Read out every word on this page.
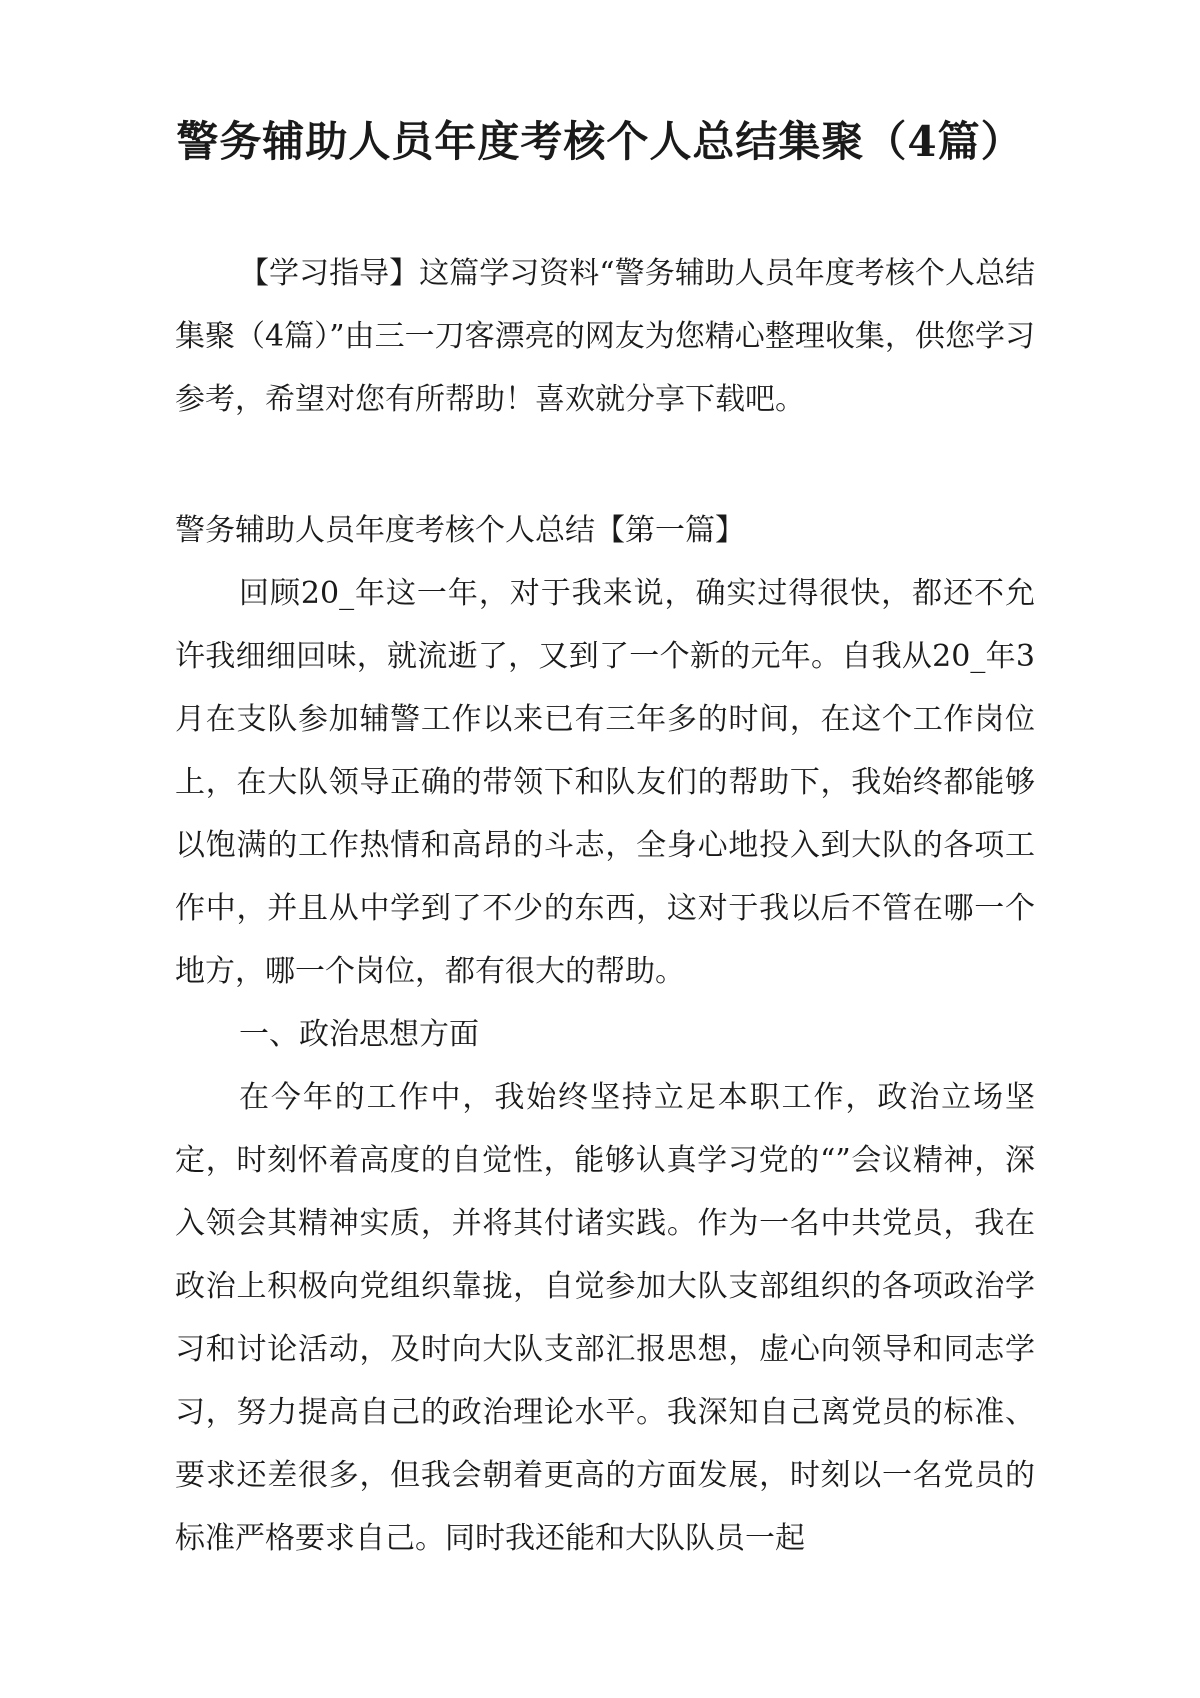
警务辅助人员年度考核个人总结集聚（4篇）

【学习指导】这篇学习资料“警务辅助人员年度考核个人总结集聚（4篇）”由三一刀客漂亮的网友为您精心整理收集，供您学习参考，希望对您有所帮助！喜欢就分享下载吧。

警务辅助人员年度考核个人总结【第一篇】

回顾20_年这一年，对于我来说，确实过得很快，都还不允许我细细回味，就流逝了，又到了一个新的元年。自我从20_年3月在支队参加辅警工作以来已有三年多的时间，在这个工作岗位上，在大队领导正确的带领下和队友们的帮助下，我始终都能够以饱满的工作热情和高昂的斗志，全身心地投入到大队的各项工作中，并且从中学到了不少的东西，这对于我以后不管在哪一个地方，哪一个岗位，都有很大的帮助。

一、政治思想方面

在今年的工作中，我始终坚持立足本职工作，政治立场坚定，时刻怀着高度的自觉性，能够认真学习党的“”会议精神，深入领会其精神实质，并将其付诸实践。作为一名中共党员，我在政治上积极向党组织靠拢，自觉参加大队支部组织的各项政治学习和讨论活动，及时向大队支部汇报思想，虚心向领导和同志学习，努力提高自己的政治理论水平。我深知自己离党员的标准、要求还差很多，但我会朝着更高的方面发展，时刻以一名党员的标准严格要求自己。同时我还能和大队队员一起
